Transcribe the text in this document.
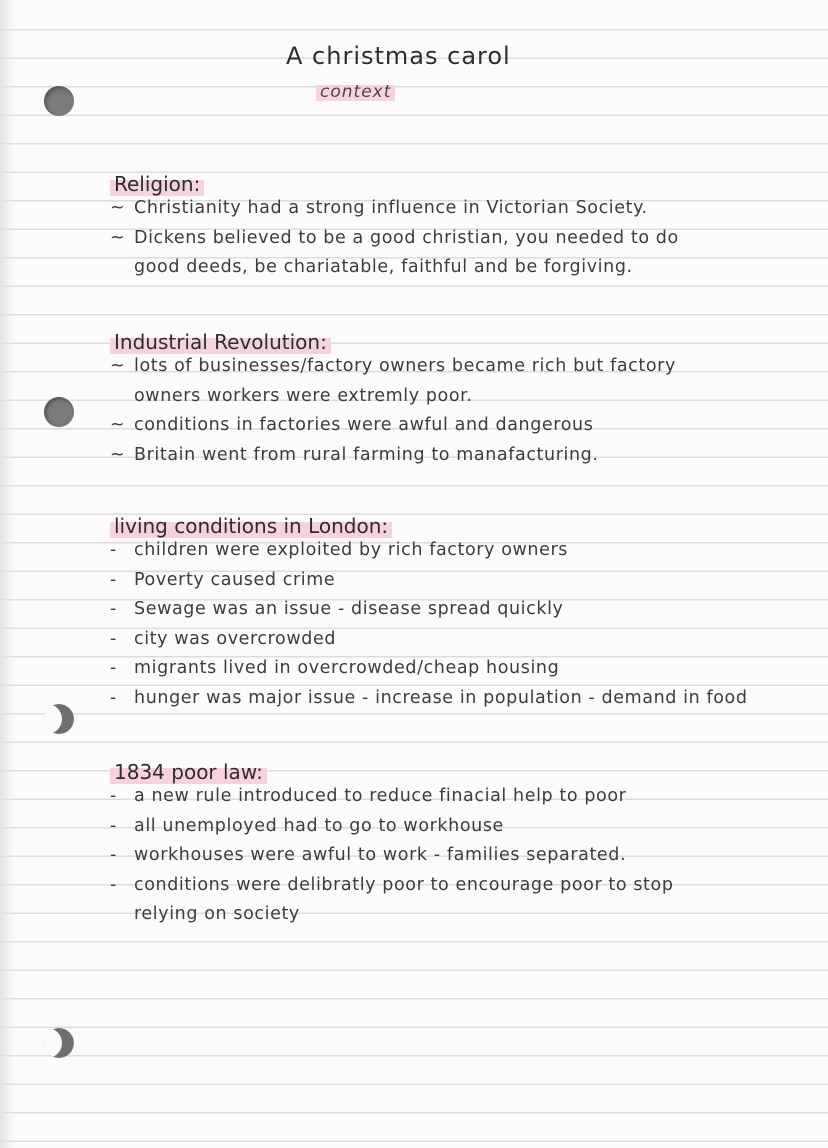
A christmas carol
context
Religion:
~ Christianity had a strong influence in Victorian Society.
~ Dickens believed to be a good christian, you needed to do
good deeds, be chariatable, faithful and be forgiving.
Industrial Revolution:
~ lots of businesses/factory owners became rich but factory
owners workers were extremly poor.
~ conditions in factories were awful and dangerous
~ Britain went from rural farming to manafacturing.
living conditions in London:
- children were exploited by rich factory owners
- Poverty caused crime
- Sewage was an issue - disease spread quickly
- city was overcrowded
- migrants lived in overcrowded/cheap housing
- hunger was major issue - increase in population - demand in food
1834 poor law:
- a new rule introduced to reduce finacial help to poor
- all unemployed had to go to workhouse
- workhouses were awful to work - families separated.
- conditions were delibratly poor to encourage poor to stop
relying on society
